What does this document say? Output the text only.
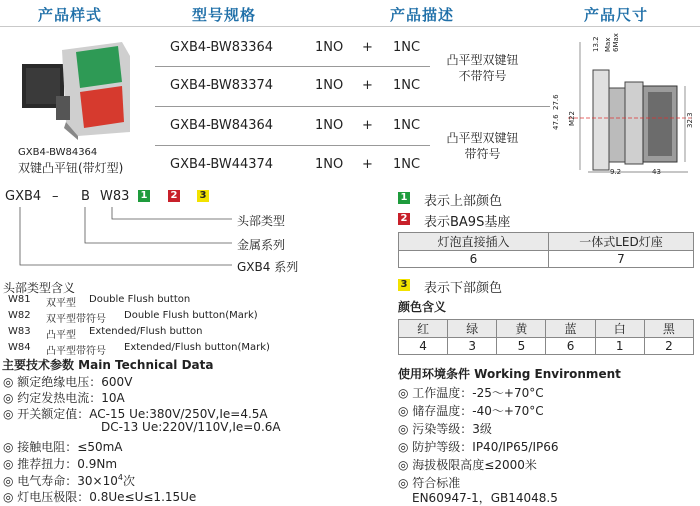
产品样式	型号规格	产品描述	产品尺寸
GXB4-BW84364
双键凸平钮(带灯型)
GXB4-BW83364	1NO + 1NC
GXB4-BW83374	1NO + 1NC
GXB4-BW84364	1NO + 1NC
GXB4-BW44374	1NO + 1NC
凸平型双键钮
不带符号
凸平型双键钮
带符号
13.2 Max 6Max
47.6
27.6
M22	32.3
9.2	43
GXB4 – B W83 1 2 3
头部类型
金属系列
GXB4 系列
头部类型含义
W81 双平型 Double Flush button
W82 双平型带符号 Double Flush button(Mark)
W83 凸平型 Extended/Flush button
W84 凸平型带符号 Extended/Flush button(Mark)
主要技术参数 Main Technical Data
◎ 额定绝缘电压：600V
◎ 约定发热电流：10A
◎ 开关额定值：AC-15 Ue:380V/250V,Ie=4.5A
DC-13 Ue:220V/110V,Ie=0.6A
◎ 接触电阻：≤50mA
◎ 推荐扭力：0.9Nm
◎ 电气寿命：$30\times 10^4$次
◎ 灯电压极限：0.8Ue≤U≤1.15Ue
1 表示上部颜色
2 表示BA9S基座
灯泡直接插入	一体式LED灯座
6	7
3 表示下部颜色
颜色含义
红	绿	黄	蓝	白	黑
4	3	5	6	1	2
使用环境条件 Working Environment
◎ 工作温度：-25～+70°C
◎ 储存温度：-40～+70°C
◎ 污染等级：3级
◎ 防护等级：IP40/IP65/IP66
◎ 海拔极限高度≤2000米
◎ 符合标准
EN60947-1，GB14048.5
